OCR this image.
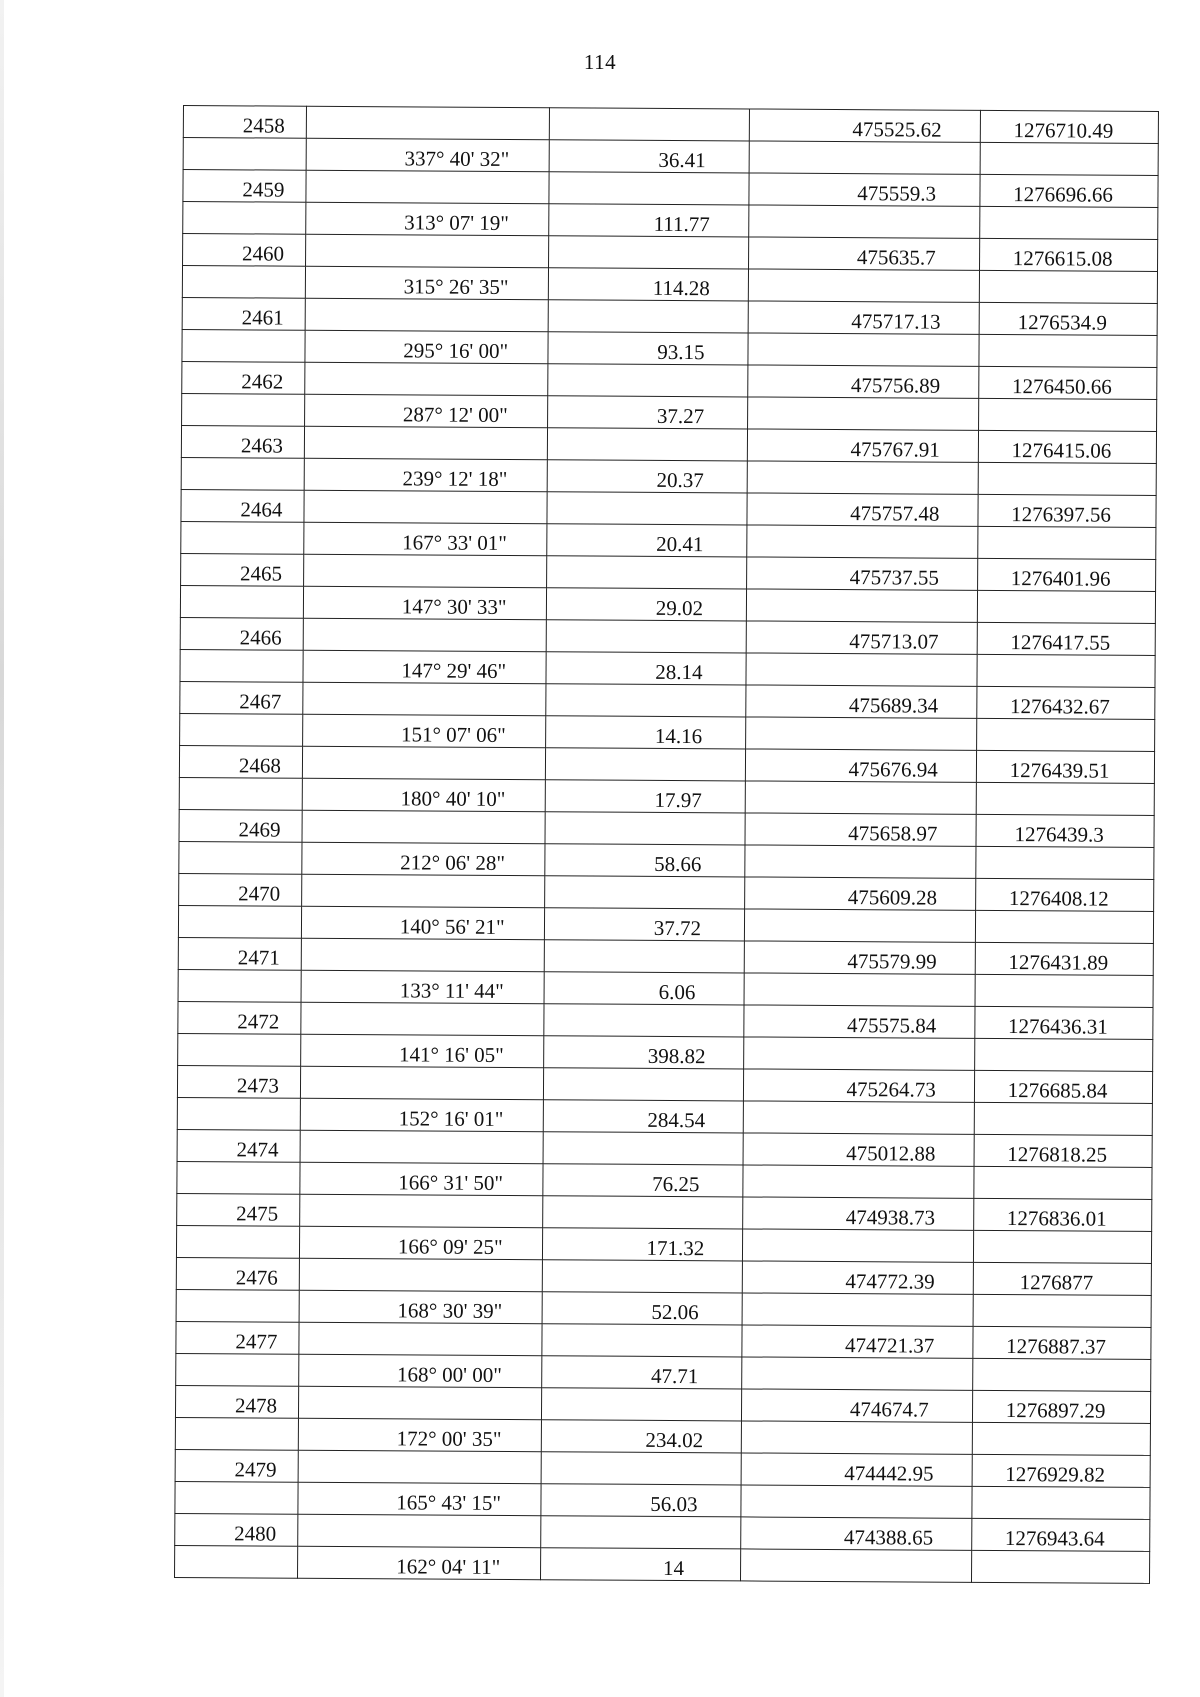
114
2458			475525.62	1276710.49
	337° 40' 32"	36.41		
2459			475559.3	1276696.66
	313° 07' 19"	111.77		
2460			475635.7	1276615.08
	315° 26' 35"	114.28		
2461			475717.13	1276534.9
	295° 16' 00"	93.15		
2462			475756.89	1276450.66
	287° 12' 00"	37.27		
2463			475767.91	1276415.06
	239° 12' 18"	20.37		
2464			475757.48	1276397.56
	167° 33' 01"	20.41		
2465			475737.55	1276401.96
	147° 30' 33"	29.02		
2466			475713.07	1276417.55
	147° 29' 46"	28.14		
2467			475689.34	1276432.67
	151° 07' 06"	14.16		
2468			475676.94	1276439.51
	180° 40' 10"	17.97		
2469			475658.97	1276439.3
	212° 06' 28"	58.66		
2470			475609.28	1276408.12
	140° 56' 21"	37.72		
2471			475579.99	1276431.89
	133° 11' 44"	6.06		
2472			475575.84	1276436.31
	141° 16' 05"	398.82		
2473			475264.73	1276685.84
	152° 16' 01"	284.54		
2474			475012.88	1276818.25
	166° 31' 50"	76.25		
2475			474938.73	1276836.01
	166° 09' 25"	171.32		
2476			474772.39	1276877
	168° 30' 39"	52.06		
2477			474721.37	1276887.37
	168° 00' 00"	47.71		
2478			474674.7	1276897.29
	172° 00' 35"	234.02		
2479			474442.95	1276929.82
	165° 43' 15"	56.03		
2480			474388.65	1276943.64
	162° 04' 11"	14		
